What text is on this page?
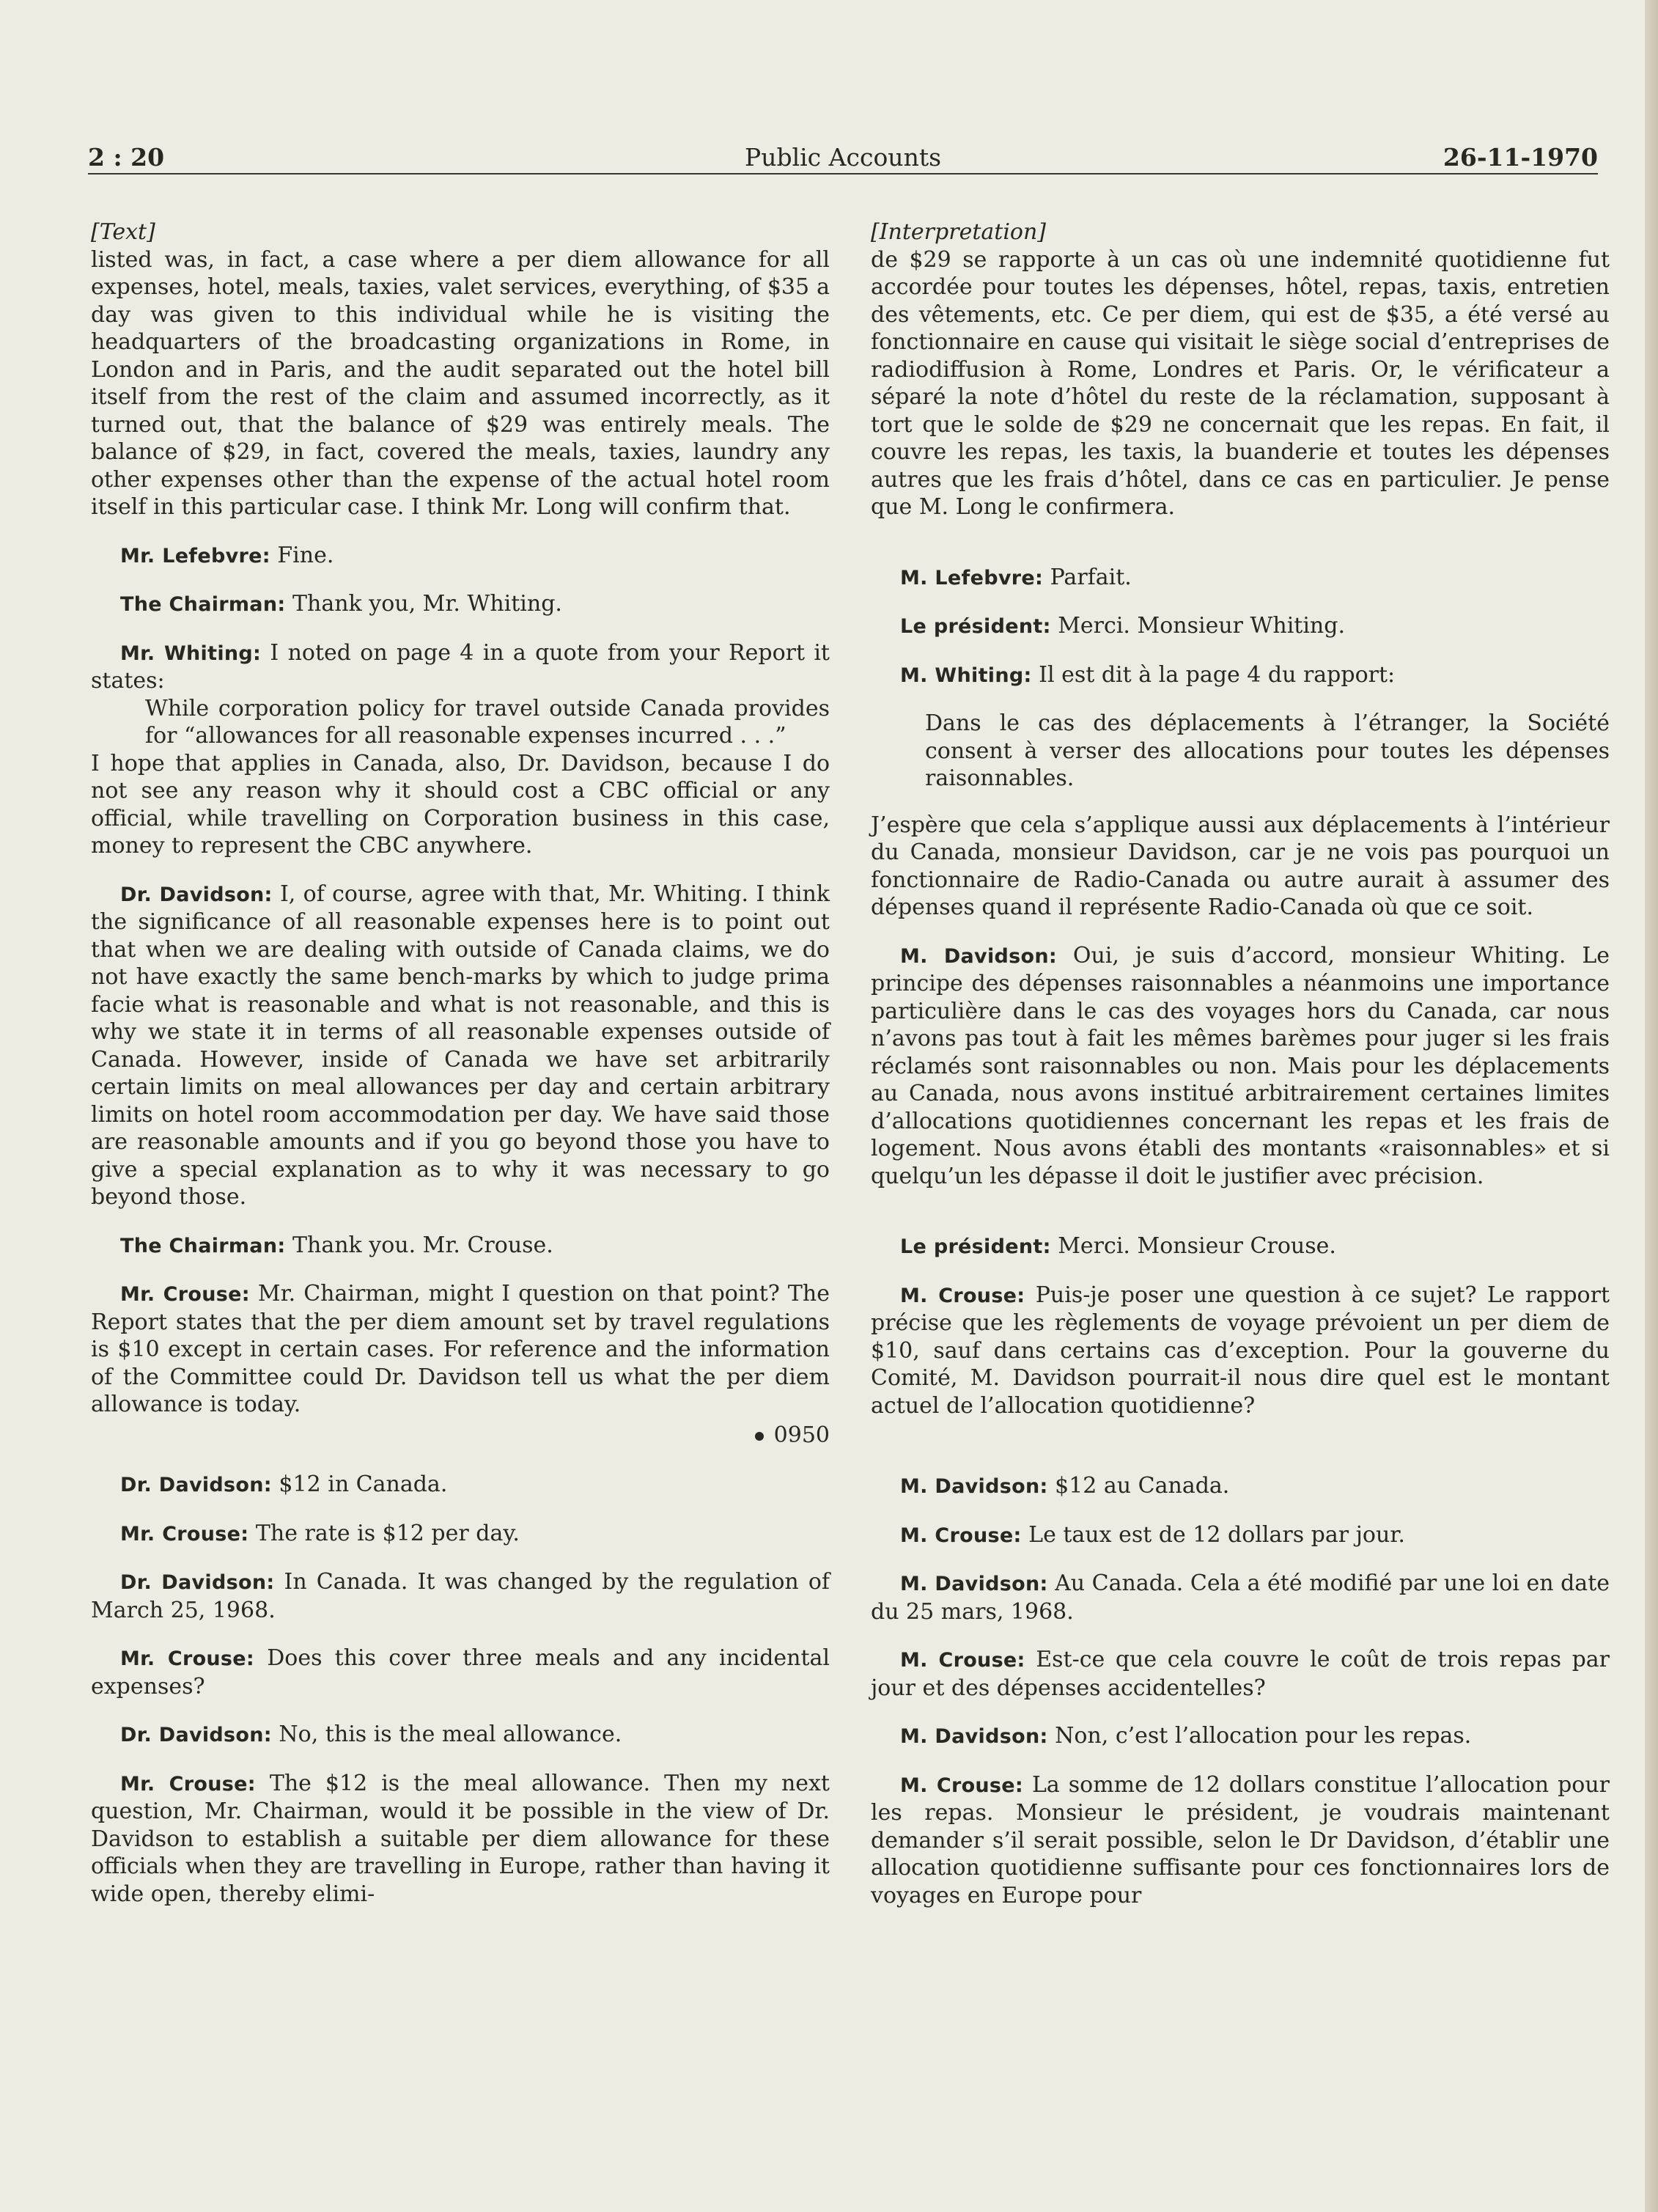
2 : 20	Public Accounts	26-11-1970

[Text]

listed was, in fact, a case where a per diem allowance for all expenses, hotel, meals, taxies, valet services, everything, of $35 a day was given to this individual while he is visiting the headquarters of the broadcasting organizations in Rome, in London and in Paris, and the audit separated out the hotel bill itself from the rest of the claim and assumed incorrectly, as it turned out, that the balance of $29 was entirely meals. The balance of $29, in fact, covered the meals, taxies, laundry any other expenses other than the expense of the actual hotel room itself in this particular case. I think Mr. Long will confirm that.

Mr. Lefebvre: Fine.

The Chairman: Thank you, Mr. Whiting.

Mr. Whiting: I noted on page 4 in a quote from your Report it states:

While corporation policy for travel outside Canada provides for “allowances for all reasonable expenses incurred . . .”

I hope that applies in Canada, also, Dr. Davidson, because I do not see any reason why it should cost a CBC official or any official, while travelling on Corporation business in this case, money to represent the CBC anywhere.

Dr. Davidson: I, of course, agree with that, Mr. Whiting. I think the significance of all reasonable expenses here is to point out that when we are dealing with outside of Canada claims, we do not have exactly the same bench-marks by which to judge prima facie what is reasonable and what is not reasonable, and this is why we state it in terms of all reasonable expenses outside of Canada. However, inside of Canada we have set arbitrarily certain limits on meal allowances per day and certain arbitrary limits on hotel room accommodation per day. We have said those are reasonable amounts and if you go beyond those you have to give a special explanation as to why it was necessary to go beyond those.

The Chairman: Thank you. Mr. Crouse.

Mr. Crouse: Mr. Chairman, might I question on that point? The Report states that the per diem amount set by travel regulations is $10 except in certain cases. For reference and the information of the Committee could Dr. Davidson tell us what the per diem allowance is today.

0950

Dr. Davidson: $12 in Canada.

Mr. Crouse: The rate is $12 per day.

Dr. Davidson: In Canada. It was changed by the regulation of March 25, 1968.

Mr. Crouse: Does this cover three meals and any incidental expenses?

Dr. Davidson: No, this is the meal allowance.

Mr. Crouse: The $12 is the meal allowance. Then my next question, Mr. Chairman, would it be possible in the view of Dr. Davidson to establish a suitable per diem allowance for these officials when they are travelling in Europe, rather than having it wide open, thereby elimi-

[Interpretation]

de $29 se rapporte à un cas où une indemnité quotidienne fut accordée pour toutes les dépenses, hôtel, repas, taxis, entretien des vêtements, etc. Ce per diem, qui est de $35, a été versé au fonctionnaire en cause qui visitait le siège social d’entreprises de radiodiffusion à Rome, Londres et Paris. Or, le vérificateur a séparé la note d’hôtel du reste de la réclamation, supposant à tort que le solde de $29 ne concernait que les repas. En fait, il couvre les repas, les taxis, la buanderie et toutes les dépenses autres que les frais d’hôtel, dans ce cas en particulier. Je pense que M. Long le confirmera.

M. Lefebvre: Parfait.

Le président: Merci. Monsieur Whiting.

M. Whiting: Il est dit à la page 4 du rapport:

Dans le cas des déplacements à l’étranger, la Société consent à verser des allocations pour toutes les dépenses raisonnables.

J’espère que cela s’applique aussi aux déplacements à l’intérieur du Canada, monsieur Davidson, car je ne vois pas pourquoi un fonctionnaire de Radio-Canada ou autre aurait à assumer des dépenses quand il représente Radio-Canada où que ce soit.

M. Davidson: Oui, je suis d’accord, monsieur Whiting. Le principe des dépenses raisonnables a néanmoins une importance particulière dans le cas des voyages hors du Canada, car nous n’avons pas tout à fait les mêmes barèmes pour juger si les frais réclamés sont raisonnables ou non. Mais pour les déplacements au Canada, nous avons institué arbitrairement certaines limites d’allocations quotidiennes concernant les repas et les frais de logement. Nous avons établi des montants «raisonnables» et si quelqu’un les dépasse il doit le justifier avec précision.

Le président: Merci. Monsieur Crouse.

M. Crouse: Puis-je poser une question à ce sujet? Le rapport précise que les règlements de voyage prévoient un per diem de $10, sauf dans certains cas d’exception. Pour la gouverne du Comité, M. Davidson pourrait-il nous dire quel est le montant actuel de l’allocation quotidienne?

M. Davidson: $12 au Canada.

M. Crouse: Le taux est de 12 dollars par jour.

M. Davidson: Au Canada. Cela a été modifié par une loi en date du 25 mars, 1968.

M. Crouse: Est-ce que cela couvre le coût de trois repas par jour et des dépenses accidentelles?

M. Davidson: Non, c’est l’allocation pour les repas.

M. Crouse: La somme de 12 dollars constitue l’allocation pour les repas. Monsieur le président, je voudrais maintenant demander s’il serait possible, selon le Dr Davidson, d’établir une allocation quotidienne suffisante pour ces fonctionnaires lors de voyages en Europe pour
